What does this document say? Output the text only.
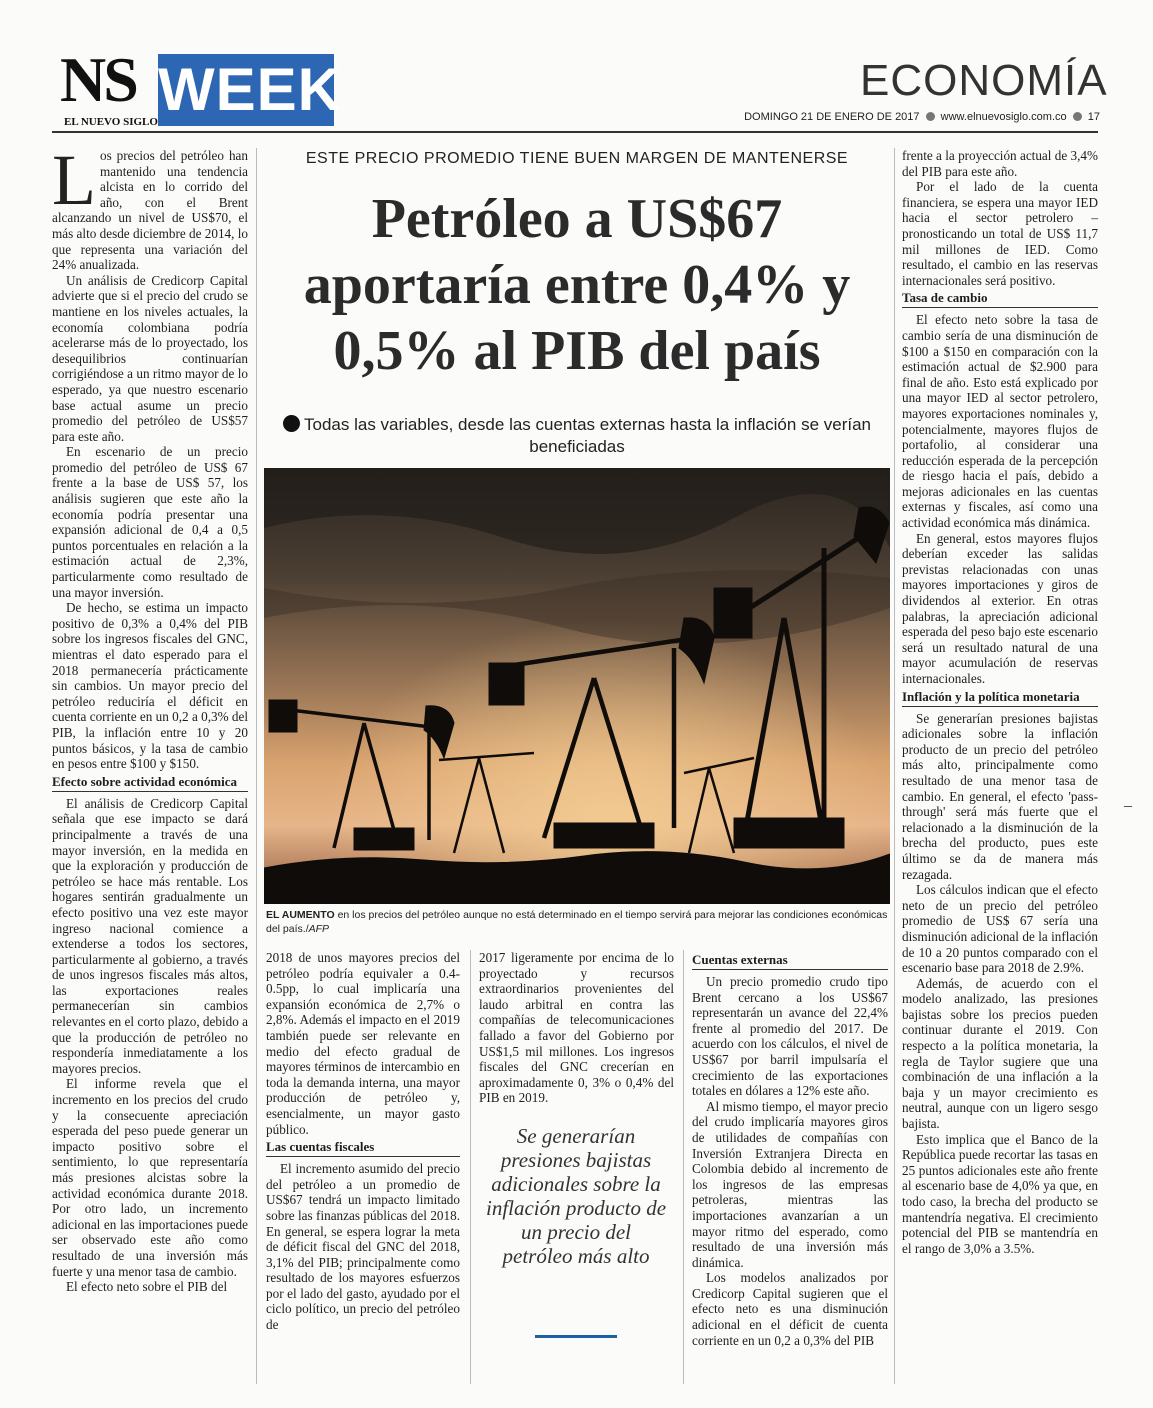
NS
EL NUEVO SIGLO WEEK	ECONOMÍA
DOMINGO 21 DE ENERO DE 2017 www.elnuevosiglo.com.co 17

Los precios del petróleo han mantenido una tendencia alcista en lo corrido del año, con el Brent alcanzando un nivel de US$70, el más alto desde diciembre de 2014, lo que representa una variación del 24% anualizada.

Un análisis de Credicorp Capital advierte que si el precio del crudo se mantiene en los niveles actuales, la economía colombiana podría acelerarse más de lo proyectado, los desequilibrios continuarían corrigiéndose a un ritmo mayor de lo esperado, ya que nuestro escenario base actual asume un precio promedio del petróleo de US$57 para este año.

En escenario de un precio promedio del petróleo de US$ 67 frente a la base de US$ 57, los análisis sugieren que este año la economía podría presentar una expansión adicional de 0,4 a 0,5 puntos porcentuales en relación a la estimación actual de 2,3%, particularmente como resultado de una mayor inversión.

De hecho, se estima un impacto positivo de 0,3% a 0,4% del PIB sobre los ingresos fiscales del GNC, mientras el dato esperado para el 2018 permanecería prácticamente sin cambios. Un mayor precio del petróleo reduciría el déficit en cuenta corriente en un 0,2 a 0,3% del PIB, la inflación entre 10 y 20 puntos básicos, y la tasa de cambio en pesos entre $100 y $150.

Efecto sobre actividad económica

El análisis de Credicorp Capital señala que ese impacto se dará principalmente a través de una mayor inversión, en la medida en que la exploración y producción de petróleo se hace más rentable. Los hogares sentirán gradualmente un efecto positivo una vez este mayor ingreso nacional comience a extenderse a todos los sectores, particularmente al gobierno, a través de unos ingresos fiscales más altos, las exportaciones reales permanecerían sin cambios relevantes en el corto plazo, debido a que la producción de petróleo no respondería inmediatamente a los mayores precios.

El informe revela que el incremento en los precios del crudo y la consecuente apreciación esperada del peso puede generar un impacto positivo sobre el sentimiento, lo que representaría más presiones alcistas sobre la actividad económica durante 2018. Por otro lado, un incremento adicional en las importaciones puede ser observado este año como resultado de una inversión más fuerte y una menor tasa de cambio.

El efecto neto sobre el PIB del

ESTE PRECIO PROMEDIO TIENE BUEN MARGEN DE MANTENERSE
Petróleo a US$67 aportaría entre 0,4% y 0,5% al PIB del país
Todas las variables, desde las cuentas externas hasta la inflación se verían beneficiadas
EL AUMENTO en los precios del petróleo aunque no está determinado en el tiempo servirá para mejorar las condiciones económicas del país./AFP

2018 de unos mayores precios del petróleo podría equivaler a 0.4-0.5pp, lo cual implicaría una expansión económica de 2,7% o 2,8%. Además el impacto en el 2019 también puede ser relevante en medio del efecto gradual de mayores términos de intercambio en toda la demanda interna, una mayor producción de petróleo y, esencialmente, un mayor gasto público.

Las cuentas fiscales

El incremento asumido del precio del petróleo a un promedio de US$67 tendrá un impacto limitado sobre las finanzas públicas del 2018. En general, se espera lograr la meta de déficit fiscal del GNC del 2018, 3,1% del PIB; principalmente como resultado de los mayores esfuerzos por el lado del gasto, ayudado por el ciclo político, un precio del petróleo de

2017 ligeramente por encima de lo proyectado y recursos extraordinarios provenientes del laudo arbitral en contra las compañías de telecomunicaciones fallado a favor del Gobierno por US$1,5 mil millones. Los ingresos fiscales del GNC crecerían en aproximadamente 0, 3% o 0,4% del PIB en 2019.

Se generarían presiones bajistas adicionales sobre la inflación producto de un precio del petróleo más alto
Cuentas externas

Un precio promedio crudo tipo Brent cercano a los US$67 representarán un avance del 22,4% frente al promedio del 2017. De acuerdo con los cálculos, el nivel de US$67 por barril impulsaría el crecimiento de las exportaciones totales en dólares a 12% este año.

Al mismo tiempo, el mayor precio del crudo implicaría mayores giros de utilidades de compañías con Inversión Extranjera Directa en Colombia debido al incremento de los ingresos de las empresas petroleras, mientras las importaciones avanzarían a un mayor ritmo del esperado, como resultado de una inversión más dinámica.

Los modelos analizados por Credicorp Capital sugieren que el efecto neto es una disminución adicional en el déficit de cuenta corriente en un 0,2 a 0,3% del PIB

frente a la proyección actual de 3,4% del PIB para este año.

Por el lado de la cuenta financiera, se espera una mayor IED hacia el sector petrolero – pronosticando un total de US$ 11,7 mil millones de IED. Como resultado, el cambio en las reservas internacionales será positivo.

Tasa de cambio

El efecto neto sobre la tasa de cambio sería de una disminución de $100 a $150 en comparación con la estimación actual de $2.900 para final de año. Esto está explicado por una mayor IED al sector petrolero, mayores exportaciones nominales y, potencialmente, mayores flujos de portafolio, al considerar una reducción esperada de la percepción de riesgo hacia el país, debido a mejoras adicionales en las cuentas externas y fiscales, así como una actividad económica más dinámica.

En general, estos mayores flujos deberían exceder las salidas previstas relacionadas con unas mayores importaciones y giros de dividendos al exterior. En otras palabras, la apreciación adicional esperada del peso bajo este escenario será un resultado natural de una mayor acumulación de reservas internacionales.

Inflación y la política monetaria

Se generarían presiones bajistas adicionales sobre la inflación producto de un precio del petróleo más alto, principalmente como resultado de una menor tasa de cambio. En general, el efecto 'pass-through' será más fuerte que el relacionado a la disminución de la brecha del producto, pues este último se da de manera más rezagada.

Los cálculos indican que el efecto neto de un precio del petróleo promedio de US$ 67 sería una disminución adicional de la inflación de 10 a 20 puntos comparado con el escenario base para 2018 de 2.9%.

Además, de acuerdo con el modelo analizado, las presiones bajistas sobre los precios pueden continuar durante el 2019. Con respecto a la política monetaria, la regla de Taylor sugiere que una combinación de una inflación a la baja y un mayor crecimiento es neutral, aunque con un ligero sesgo bajista.

Esto implica que el Banco de la República puede recortar las tasas en 25 puntos adicionales este año frente al escenario base de 4,0% ya que, en todo caso, la brecha del producto se mantendría negativa. El crecimiento potencial del PIB se mantendría en el rango de 3,0% a 3.5%.
